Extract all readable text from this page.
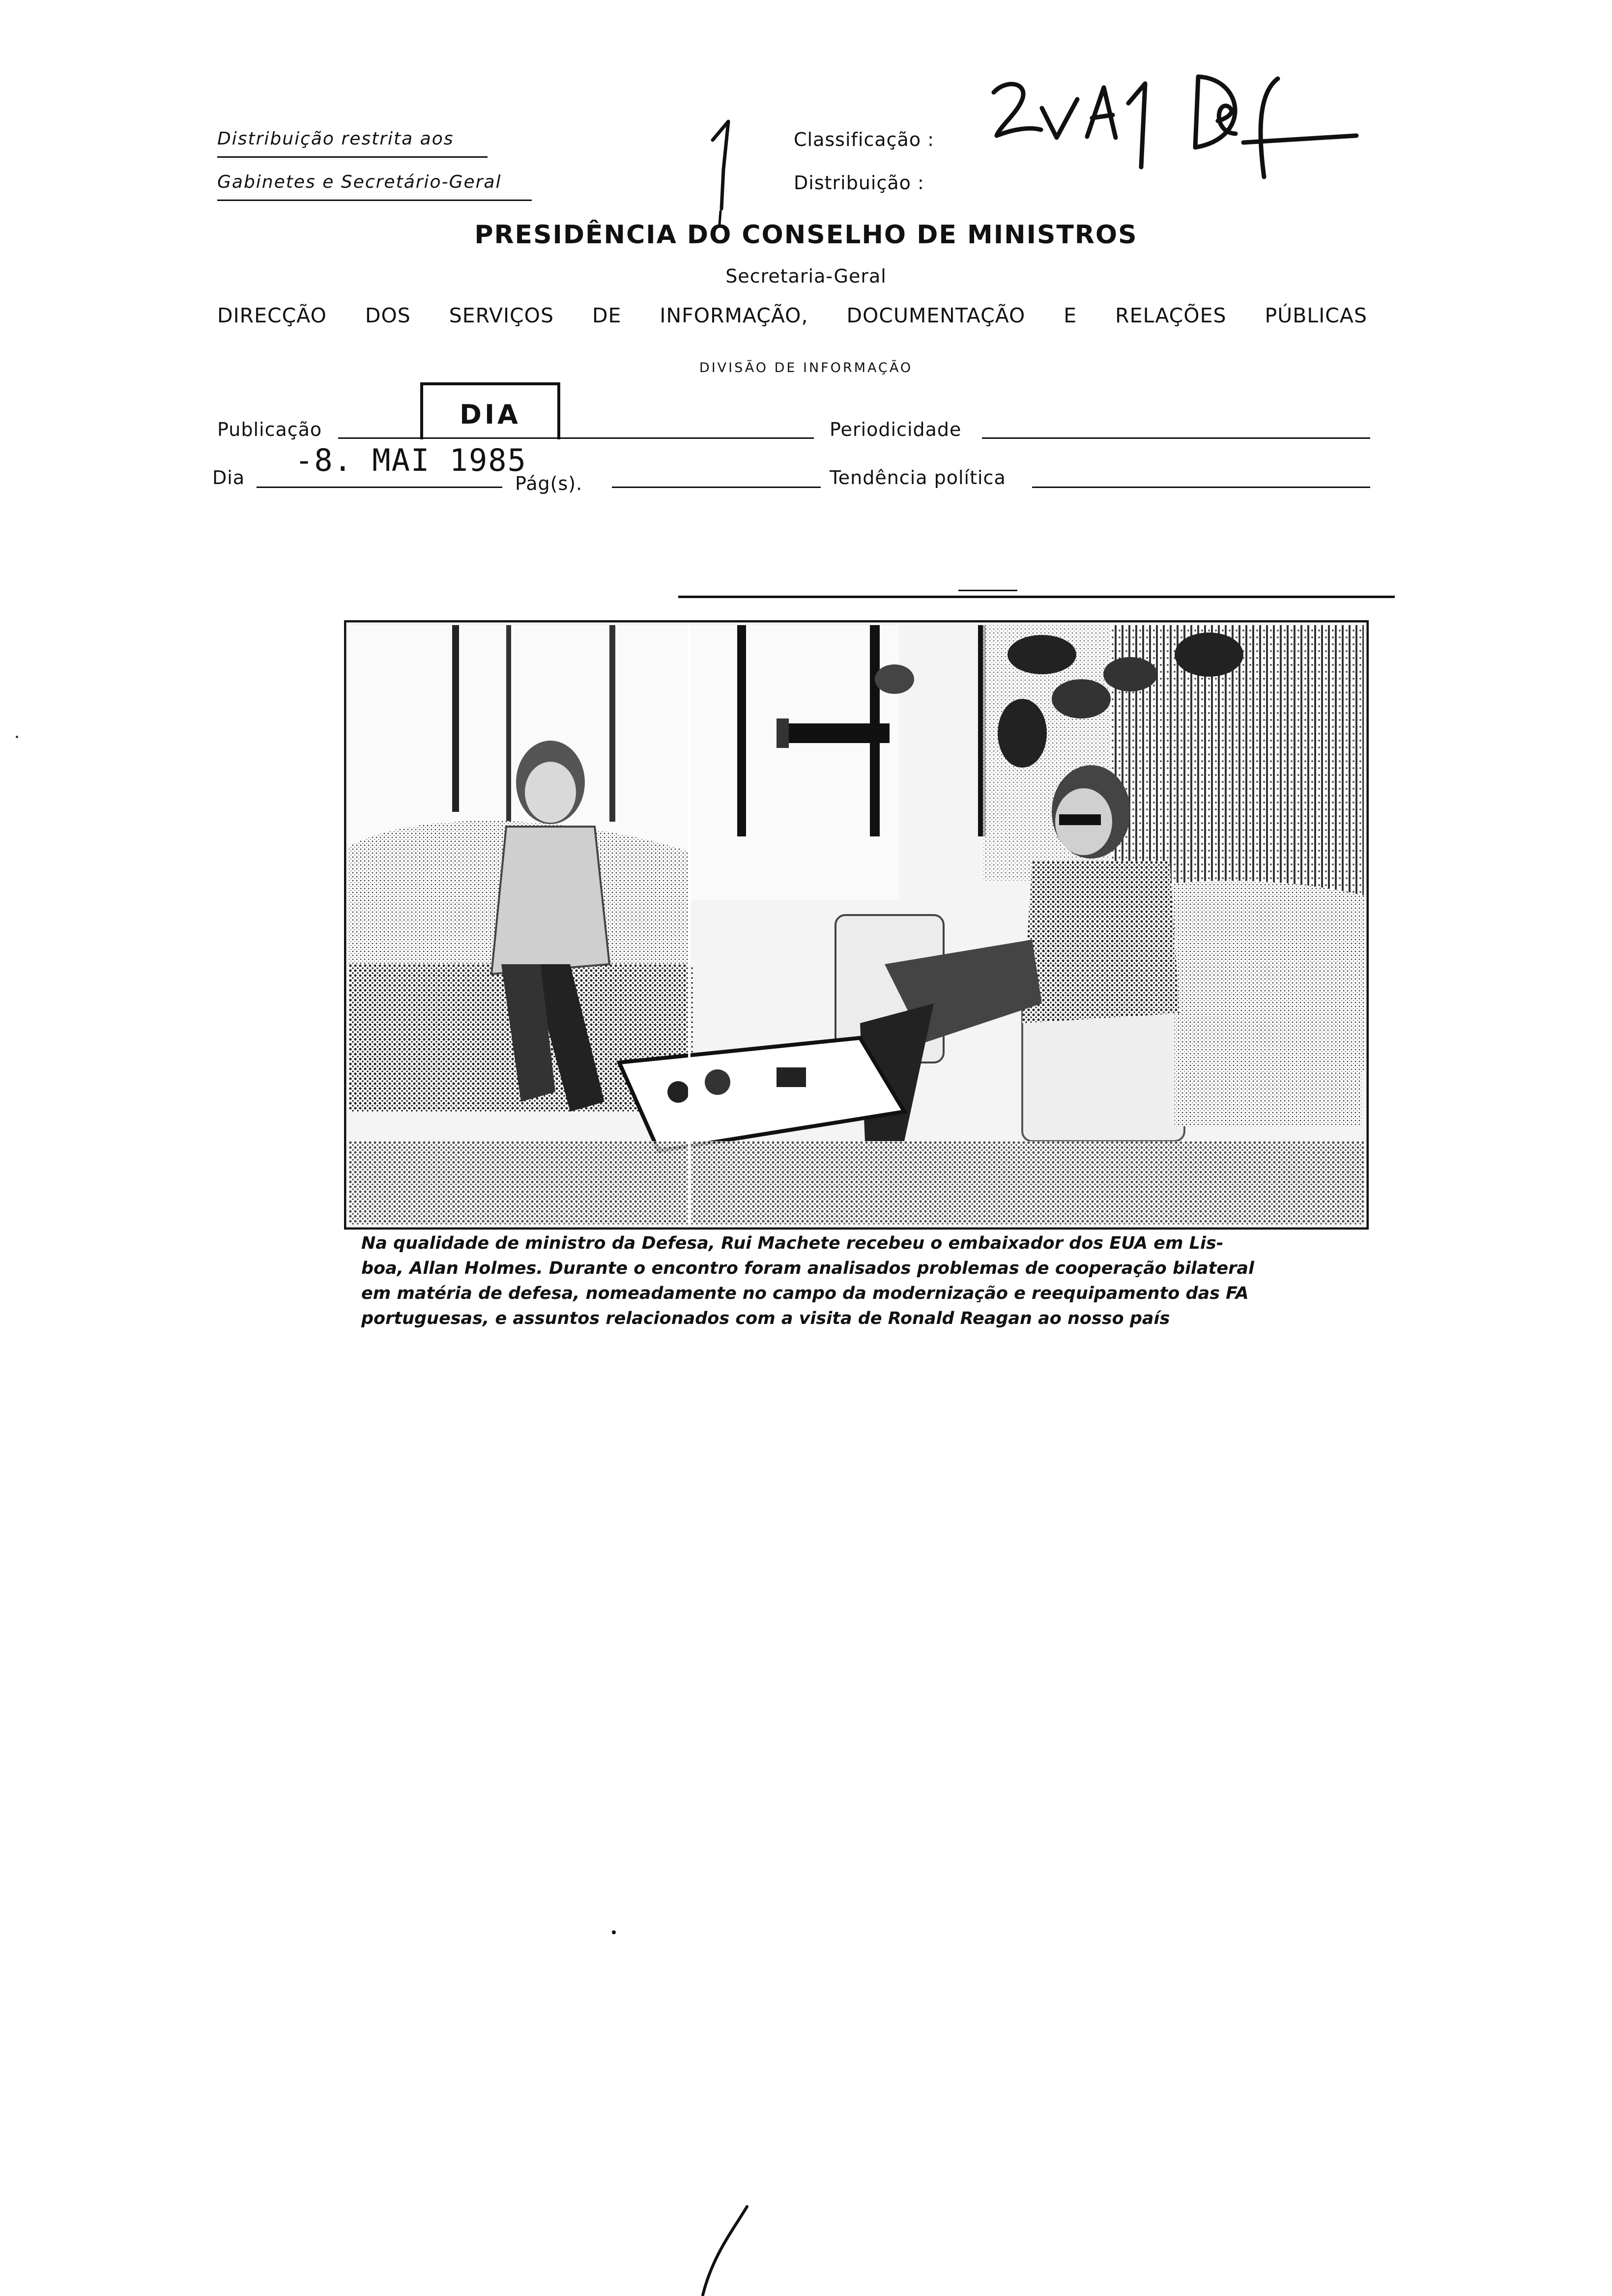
Distribuição restrita aos
Gabinetes e Secretário-Geral
Classificação :
Distribuição :
PRESIDÊNCIA DO CONSELHO DE MINISTROS
Secretaria-Geral
DIRECÇÃO DOS SERVIÇOS DE INFORMAÇÃO, DOCUMENTAÇÃO E RELAÇÕES PÚBLICAS
DIVISÃO DE INFORMAÇÃO
Publicação	DIA	Periodicidade
Dia -8. MAI 1985
Pág(s).	Tendência política
Na qualidade de ministro da Defesa, Rui Machete recebeu o embaixador dos EUA em Lis-
boa, Allan Holmes. Durante o encontro foram analisados problemas de cooperação bilateral
em matéria de defesa, nomeadamente no campo da modernização e reequipamento das FA
portuguesas, e assuntos relacionados com a visita de Ronald Reagan ao nosso país
